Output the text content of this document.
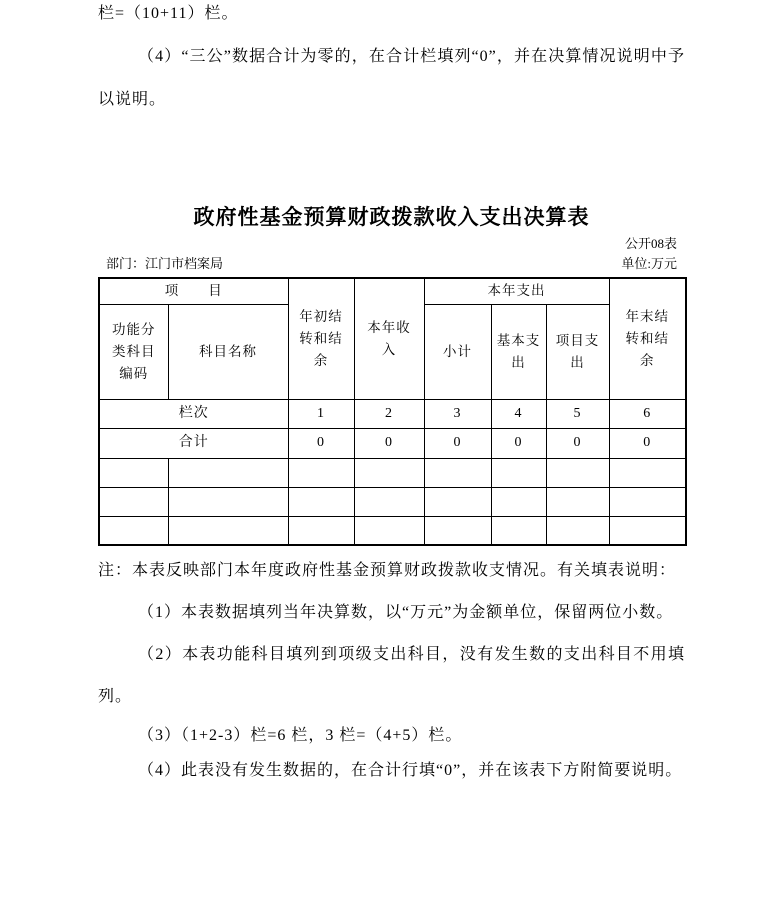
栏=（10+11）栏。

（4）“三公”数据合计为零的，在合计栏填列“0”，并在决算情况说明中予以说明。

政府性基金预算财政拨款收入支出决算表
公开08表
部门：江门市档案局	单位:万元
项　　目		年初结转和结余	本年收入	本年支出			年末结转和结余
功能分类科目编码	科目名称			小计	基本支出	项目支出	
栏次		1	2	3	4	5	6
合计		0	0	0	0	0	0

注：本表反映部门本年度政府性基金预算财政拨款收支情况。有关填表说明：

（1）本表数据填列当年决算数，以“万元”为金额单位，保留两位小数。

（2）本表功能科目填列到项级支出科目，没有发生数的支出科目不用填列。

（3）（1+2-3）栏=6 栏，3 栏=（4+5）栏。

（4）此表没有发生数据的，在合计行填“0”，并在该表下方附简要说明。
